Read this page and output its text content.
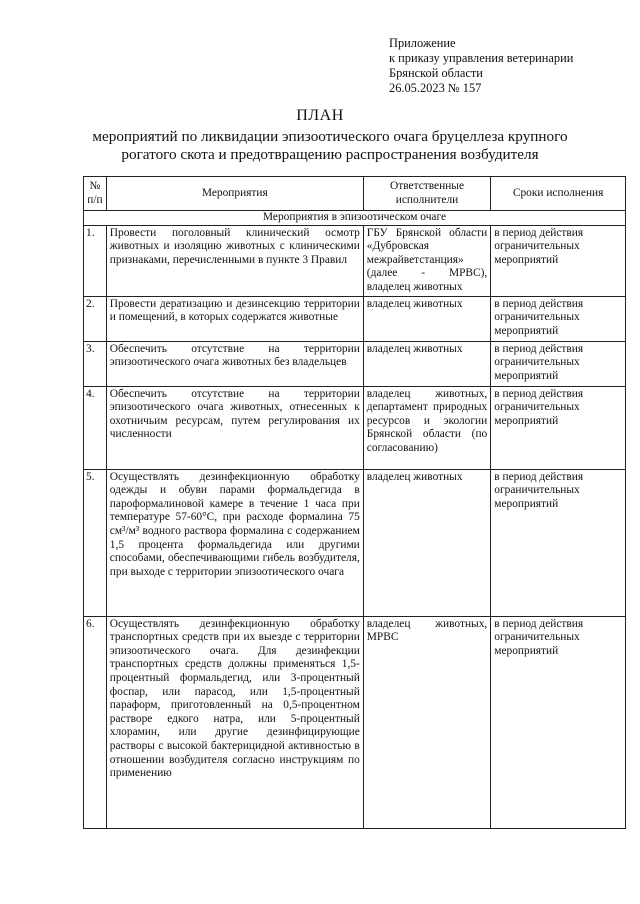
Приложение
к приказу управления ветеринарии
Брянской области
26.05.2023 № 157
ПЛАН
мероприятий по ликвидации эпизоотического очага бруцеллеза крупного рогатого скота и предотвращению распространения возбудителя
№ п/п	Мероприятия	Ответственные исполнители	Сроки исполнения
Мероприятия в эпизоотическом очаге			
1.	Провести поголовный клинический осмотр животных и изоляцию животных с клиническими признаками, перечисленными в пункте 3 Правил	ГБУ Брянской области «Дубровская межрайветстанция» (далее - МРВС), владелец животных	в период действия ограничительных мероприятий
2.	Провести дератизацию и дезинсекцию территории и помещений, в которых содержатся животные	владелец животных	в период действия ограничительных мероприятий
3.	Обеспечить отсутствие на территории эпизоотического очага животных без владельцев	владелец животных	в период действия ограничительных мероприятий
4.	Обеспечить отсутствие на территории эпизоотического очага животных, отнесенных к охотничьим ресурсам, путем регулирования их численности	владелец животных, департамент природных ресурсов и экологии Брянской области (по согласованию)	в период действия ограничительных мероприятий
5.	Осуществлять дезинфекционную обработку одежды и обуви парами формальдегида в пароформалиновой камере в течение 1 часа при температуре 57-60°С, при расходе формалина 75 см³/м³ водного раствора формалина с содержанием 1,5 процента формальдегида или другими способами, обеспечивающими гибель возбудителя, при выходе с территории эпизоотического очага	владелец животных	в период действия ограничительных мероприятий
6.	Осуществлять дезинфекционную обработку транспортных средств при их выезде с территории эпизоотического очага. Для дезинфекции транспортных средств должны применяться 1,5-процентный формальдегид, или 3-процентный фоспар, или парасод, или 1,5-процентный параформ, приготовленный на 0,5-процентном растворе едкого натра, или 5-процентный хлорамин, или другие дезинфицирующие растворы с высокой бактерицидной активностью в отношении возбудителя согласно инструкциям по применению	владелец животных, МРВС	в период действия ограничительных мероприятий
